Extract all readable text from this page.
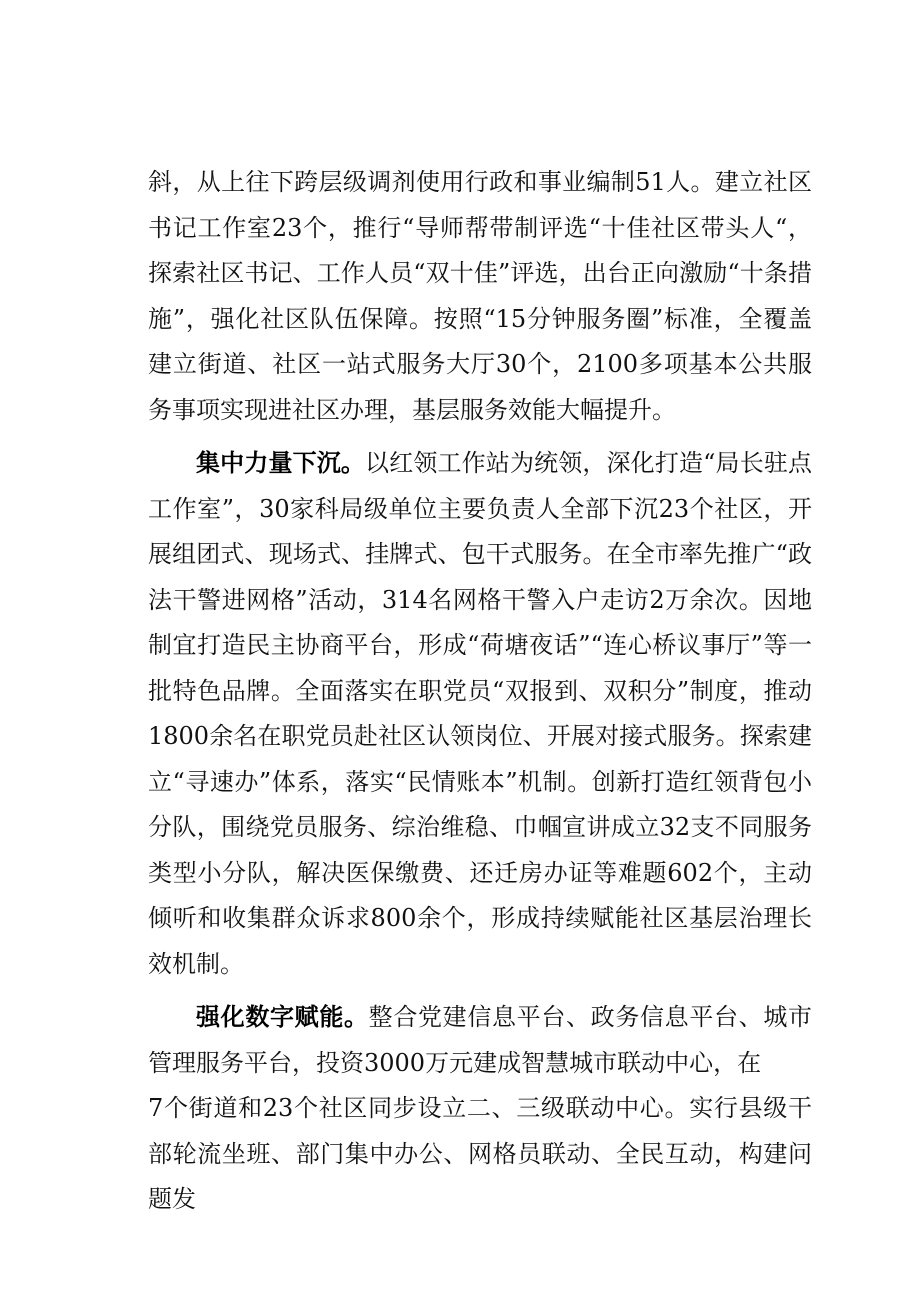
斜，从上往下跨层级调剂使用行政和事业编制51人。建立社区书记工作室23个，推行“导师帮带制评选“十佳社区带头人“，探索社区书记、工作人员“双十佳”评选，出台正向激励“十条措施”，强化社区队伍保障。按照“15分钟服务圈”标准，全覆盖建立街道、社区一站式服务大厅30个，2100多项基本公共服务事项实现进社区办理，基层服务效能大幅提升。

集中力量下沉。以红领工作站为统领，深化打造“局长驻点工作室”，30家科局级单位主要负责人全部下沉23个社区，开展组团式、现场式、挂牌式、包干式服务。在全市率先推广“政法干警进网格”活动，314名网格干警入户走访2万余次。因地制宜打造民主协商平台，形成“荷塘夜话”“连心桥议事厅”等一批特色品牌。全面落实在职党员“双报到、双积分”制度，推动1800余名在职党员赴社区认领岗位、开展对接式服务。探索建立“寻速办”体系，落实“民情账本”机制。创新打造红领背包小分队，围绕党员服务、综治维稳、巾帼宣讲成立32支不同服务类型小分队，解决医保缴费、还迁房办证等难题602个，主动倾听和收集群众诉求800余个，形成持续赋能社区基层治理长效机制。

强化数字赋能。整合党建信息平台、政务信息平台、城市管理服务平台，投资3000万元建成智慧城市联动中心，在

7个街道和23个社区同步设立二、三级联动中心。实行县级干部轮流坐班、部门集中办公、网格员联动、全民互动，构建问题发
